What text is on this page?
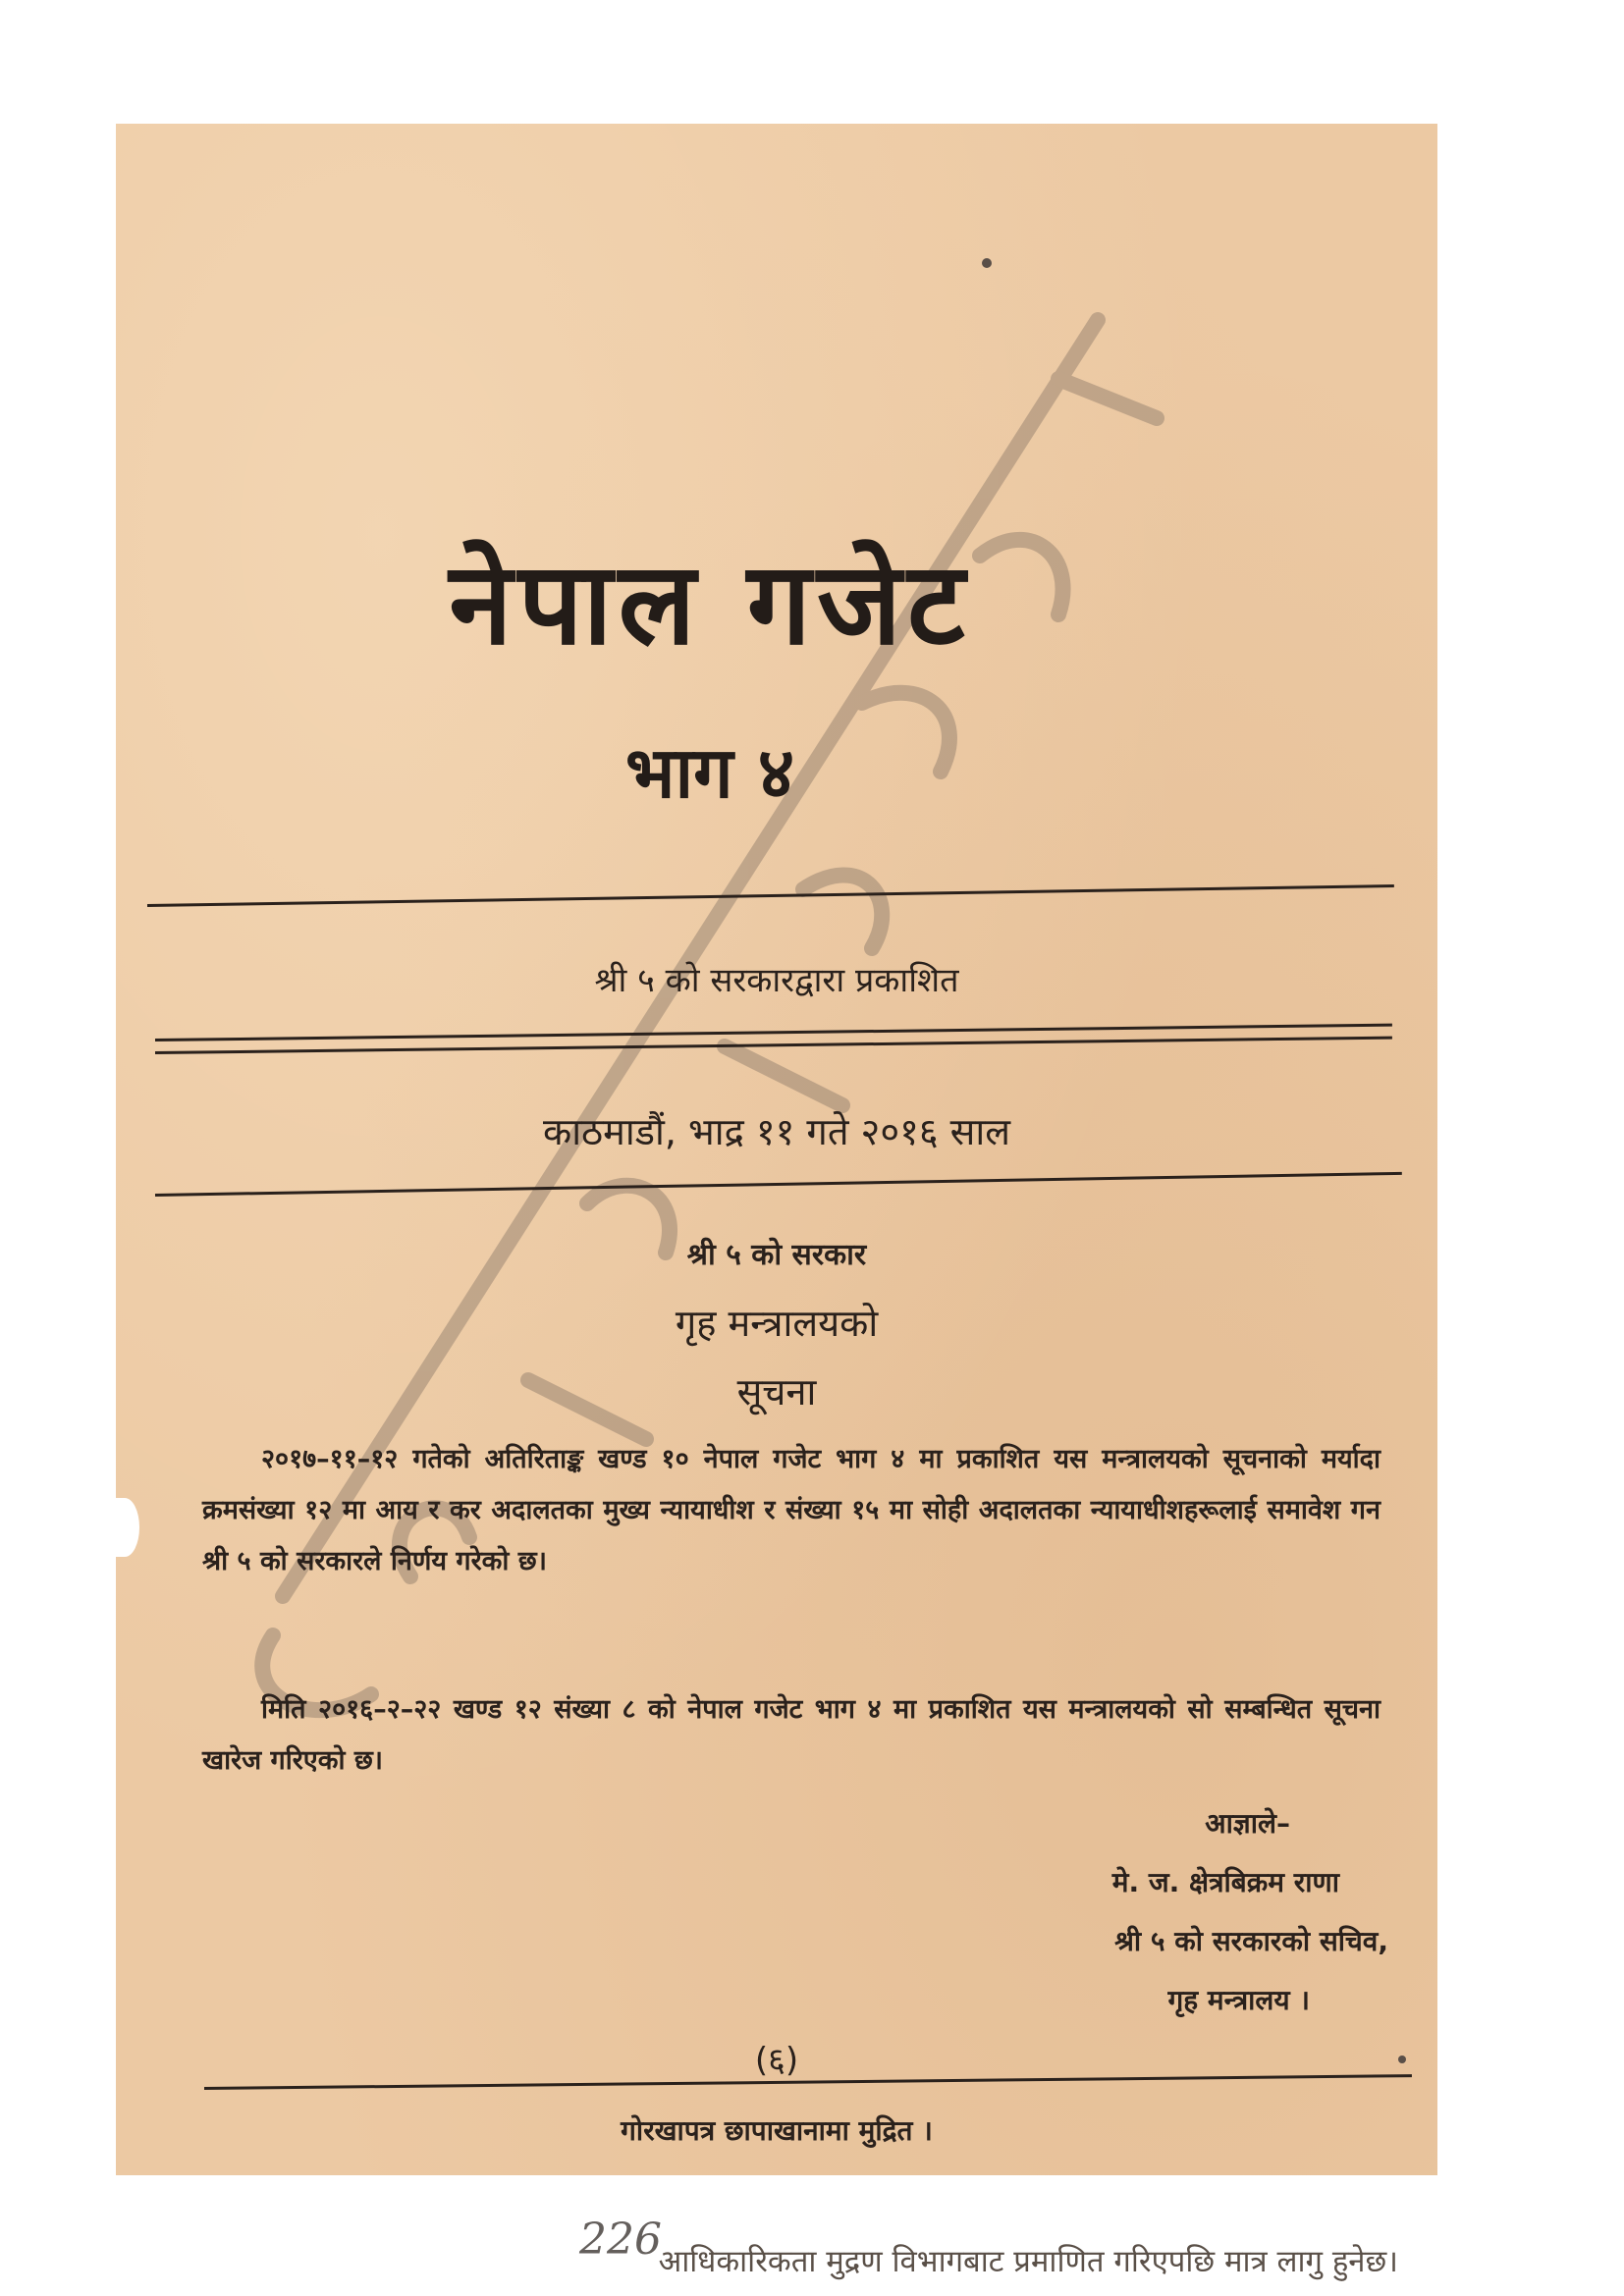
नेपाल गजेट
भाग ४
श्री ५ को सरकारद्वारा प्रकाशित
काठमाडौं, भाद्र ११ गते २०१६ साल
श्री ५ को सरकार
गृह मन्त्रालयको
सूचना
२०१७–११–१२ गतेको अतिरिताङ्क खण्ड १० नेपाल गजेट भाग ४ मा प्रकाशित यस मन्त्रालयको सूचनाको मर्यादा क्रमसंख्या १२ मा आय र कर अदालतका मुख्य न्यायाधीश र संख्या १५ मा सोही अदालतका न्यायाधीशहरूलाई समावेश गन श्री ५ को सरकारले निर्णय गरेको छ।
मिति २०१६–२–२२ खण्ड १२ संख्या ८ को नेपाल गजेट भाग ४ मा प्रकाशित यस मन्त्रालयको सो सम्बन्धित सूचना खारेज गरिएको छ।
आज्ञाले–
मे. ज. क्षेत्रबिक्रम राणा
श्री ५ को सरकारको सचिव,
गृह मन्त्रालय ।
(६)
गोरखापत्र छापाखानामा मुद्रित ।
226
आधिकारिकता मुद्रण विभागबाट प्रमाणित गरिएपछि मात्र लागु हुनेछ।
